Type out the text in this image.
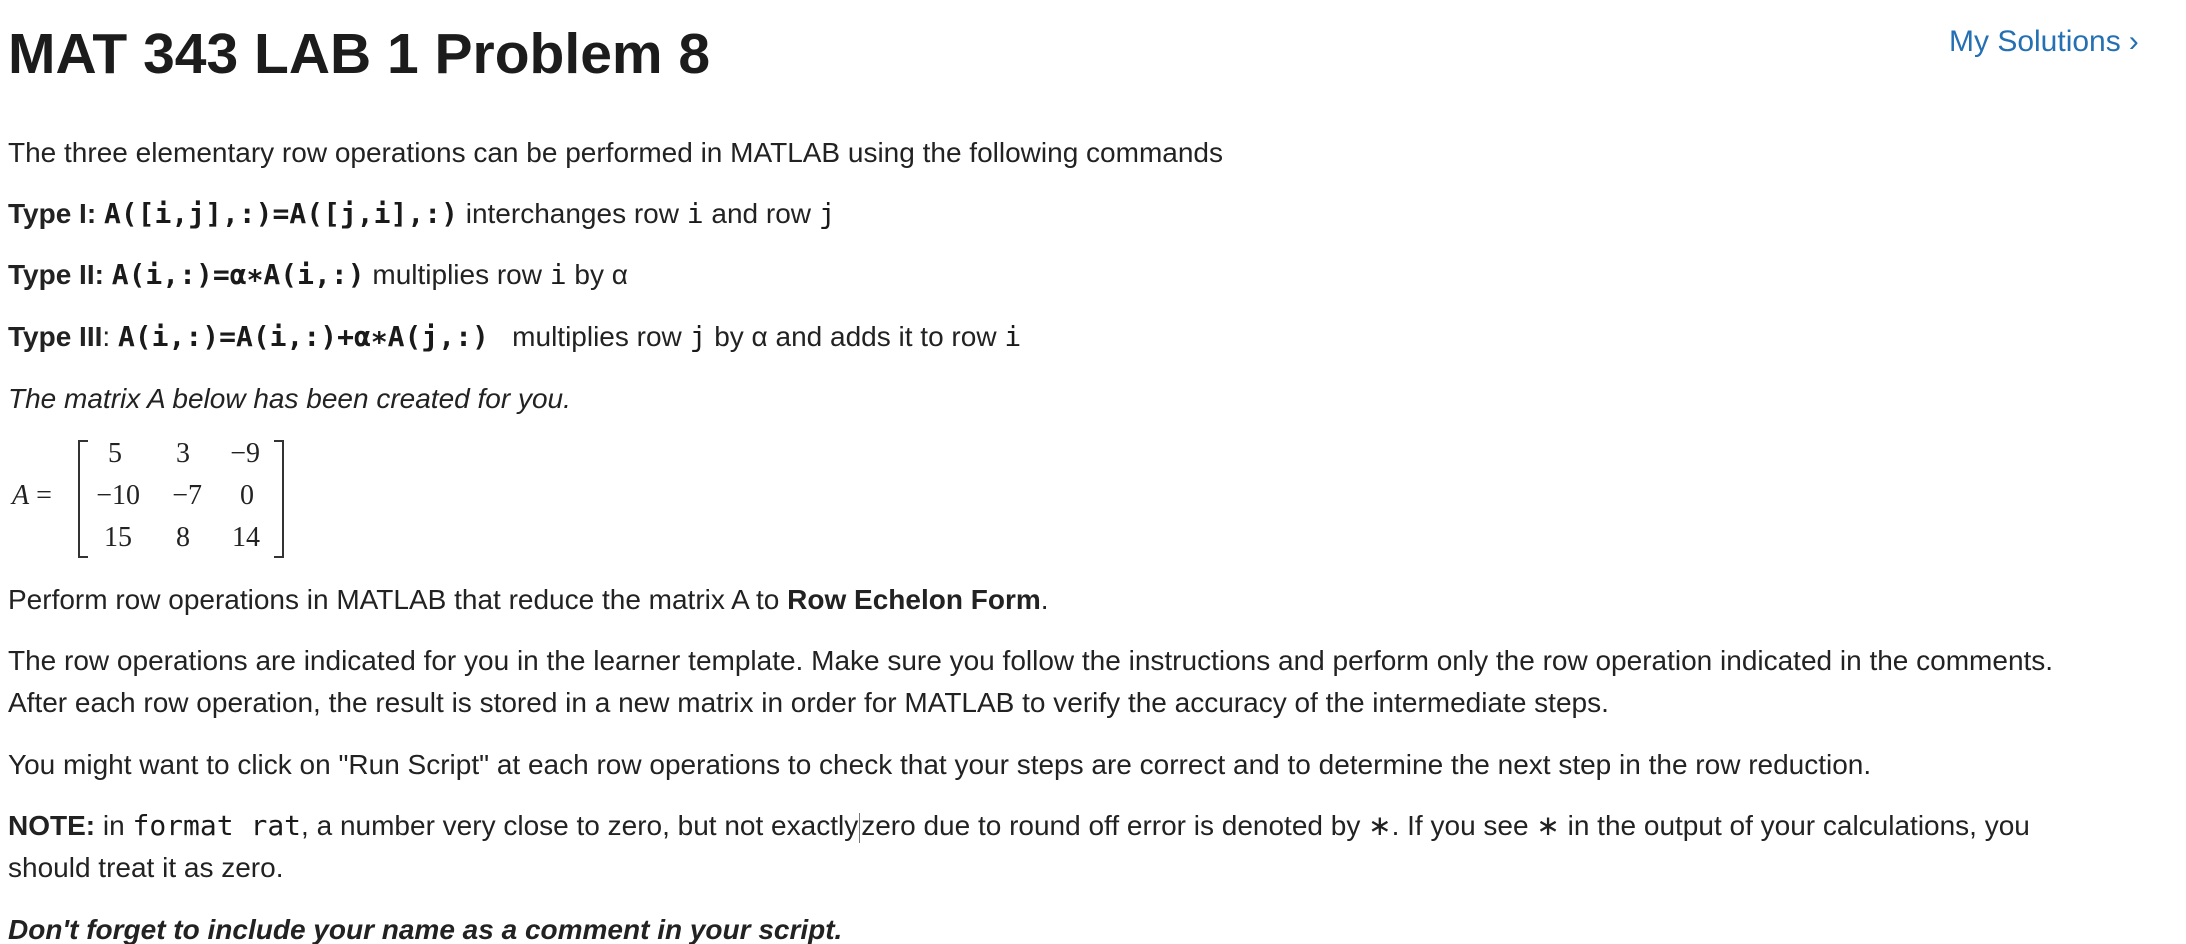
MAT 343 LAB 1 Problem 8	My Solutions ›

The three elementary row operations can be performed in MATLAB using the following commands

Type I: A([i,j],:)=A([j,i],:) interchanges row i and row j

Type II: A(i,:)=α∗A(i,:) multiplies row i by α

Type III: A(i,:)=A(i,:)+α∗A(j,:) multiplies row j by α and adds it to row i

The matrix A below has been created for you.

A =
5	3	−9
−10	−7	0
15	8	14

Perform row operations in MATLAB that reduce the matrix A to Row Echelon Form.

The row operations are indicated for you in the learner template. Make sure you follow the instructions and perform only the row operation indicated in the comments. After each row operation, the result is stored in a new matrix in order for MATLAB to verify the accuracy of the intermediate steps.

You might want to click on "Run Script" at each row operations to check that your steps are correct and to determine the next step in the row reduction.

NOTE: in format rat, a number very close to zero, but not exactly zero due to round off error is denoted by ∗. If you see ∗ in the output of your calculations, you should treat it as zero.

Don't forget to include your name as a comment in your script.
